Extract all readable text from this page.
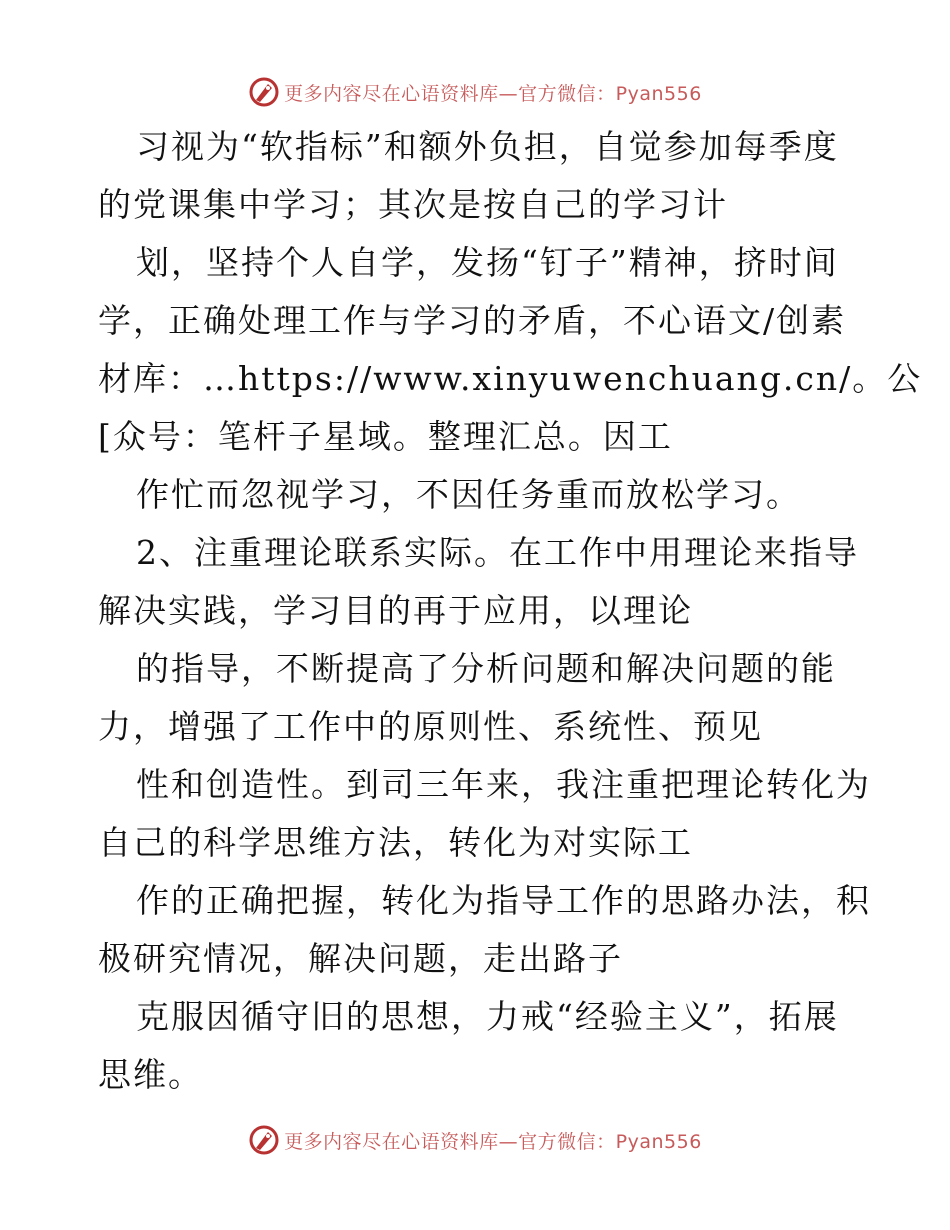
更多内容尽在心语资料库—官方微信：Pyan556
习视为“软指标”和额外负担，自觉参加每季度
的党课集中学习；其次是按自己的学习计
划，坚持个人自学，发扬“钉子”精神，挤时间
学，正确处理工作与学习的矛盾，不心语文/创素
材库：…https://www.xinyuwenchuang.cn/。公
[众号：笔杆子星域。整理汇总。因工
作忙而忽视学习，不因任务重而放松学习。
2、注重理论联系实际。在工作中用理论来指导
解决实践，学习目的再于应用，以理论
的指导，不断提高了分析问题和解决问题的能
力，增强了工作中的原则性、系统性、预见
性和创造性。到司三年来，我注重把理论转化为
自己的科学思维方法，转化为对实际工
作的正确把握，转化为指导工作的思路办法，积
极研究情况，解决问题，走出路子
克服因循守旧的思想，力戒“经验主义”，拓展
思维。
更多内容尽在心语资料库—官方微信：Pyan556
